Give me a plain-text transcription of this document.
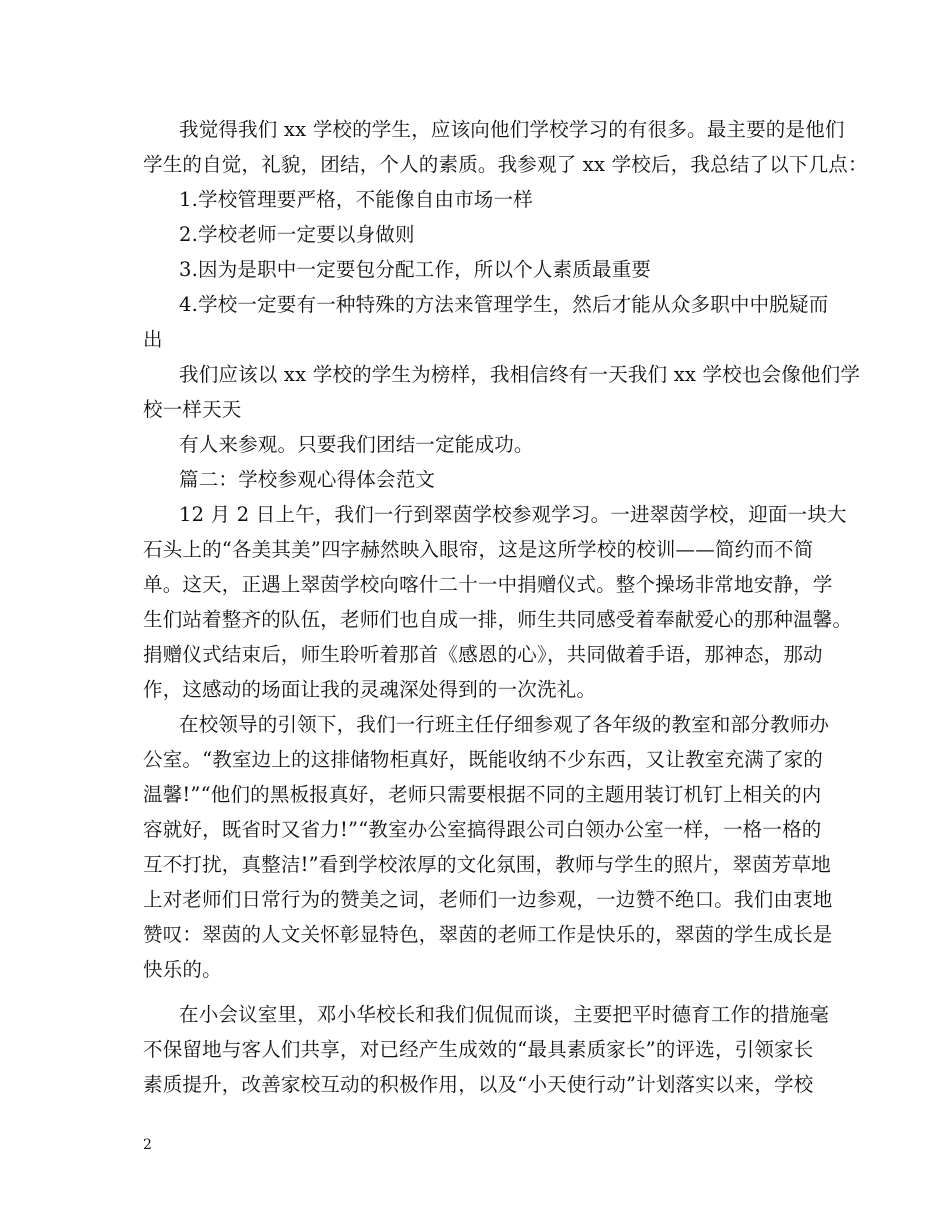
我觉得我们 xx 学校的学生，应该向他们学校学习的有很多。最主要的是他们
学生的自觉，礼貌，团结，个人的素质。我参观了 xx 学校后，我总结了以下几点：
1.学校管理要严格，不能像自由市场一样
2.学校老师一定要以身做则
3.因为是职中一定要包分配工作，所以个人素质最重要
4.学校一定要有一种特殊的方法来管理学生，然后才能从众多职中中脱疑而
出
我们应该以 xx 学校的学生为榜样，我相信终有一天我们 xx 学校也会像他们学
校一样天天
有人来参观。只要我们团结一定能成功。
篇二：学校参观心得体会范文
12 月 2 日上午，我们一行到翠茵学校参观学习。一进翠茵学校，迎面一块大
石头上的“各美其美”四字赫然映入眼帘，这是这所学校的校训——简约而不简
单。这天，正遇上翠茵学校向喀什二十一中捐赠仪式。整个操场非常地安静，学
生们站着整齐的队伍，老师们也自成一排，师生共同感受着奉献爱心的那种温馨。
捐赠仪式结束后，师生聆听着那首《感恩的心》，共同做着手语，那神态，那动
作，这感动的场面让我的灵魂深处得到的一次洗礼。
在校领导的引领下，我们一行班主任仔细参观了各年级的教室和部分教师办
公室。“教室边上的这排储物柜真好，既能收纳不少东西，又让教室充满了家的
温馨!”“他们的黑板报真好，老师只需要根据不同的主题用装订机钉上相关的内
容就好，既省时又省力!”“教室办公室搞得跟公司白领办公室一样，一格一格的
互不打扰，真整洁!”看到学校浓厚的文化氛围，教师与学生的照片，翠茵芳草地
上对老师们日常行为的赞美之词，老师们一边参观，一边赞不绝口。我们由衷地
赞叹：翠茵的人文关怀彰显特色，翠茵的老师工作是快乐的，翠茵的学生成长是
快乐的。
在小会议室里，邓小华校长和我们侃侃而谈，主要把平时德育工作的措施毫
不保留地与客人们共享，对已经产生成效的“最具素质家长”的评选，引领家长
素质提升，改善家校互动的积极作用，以及“小天使行动”计划落实以来，学校
2
